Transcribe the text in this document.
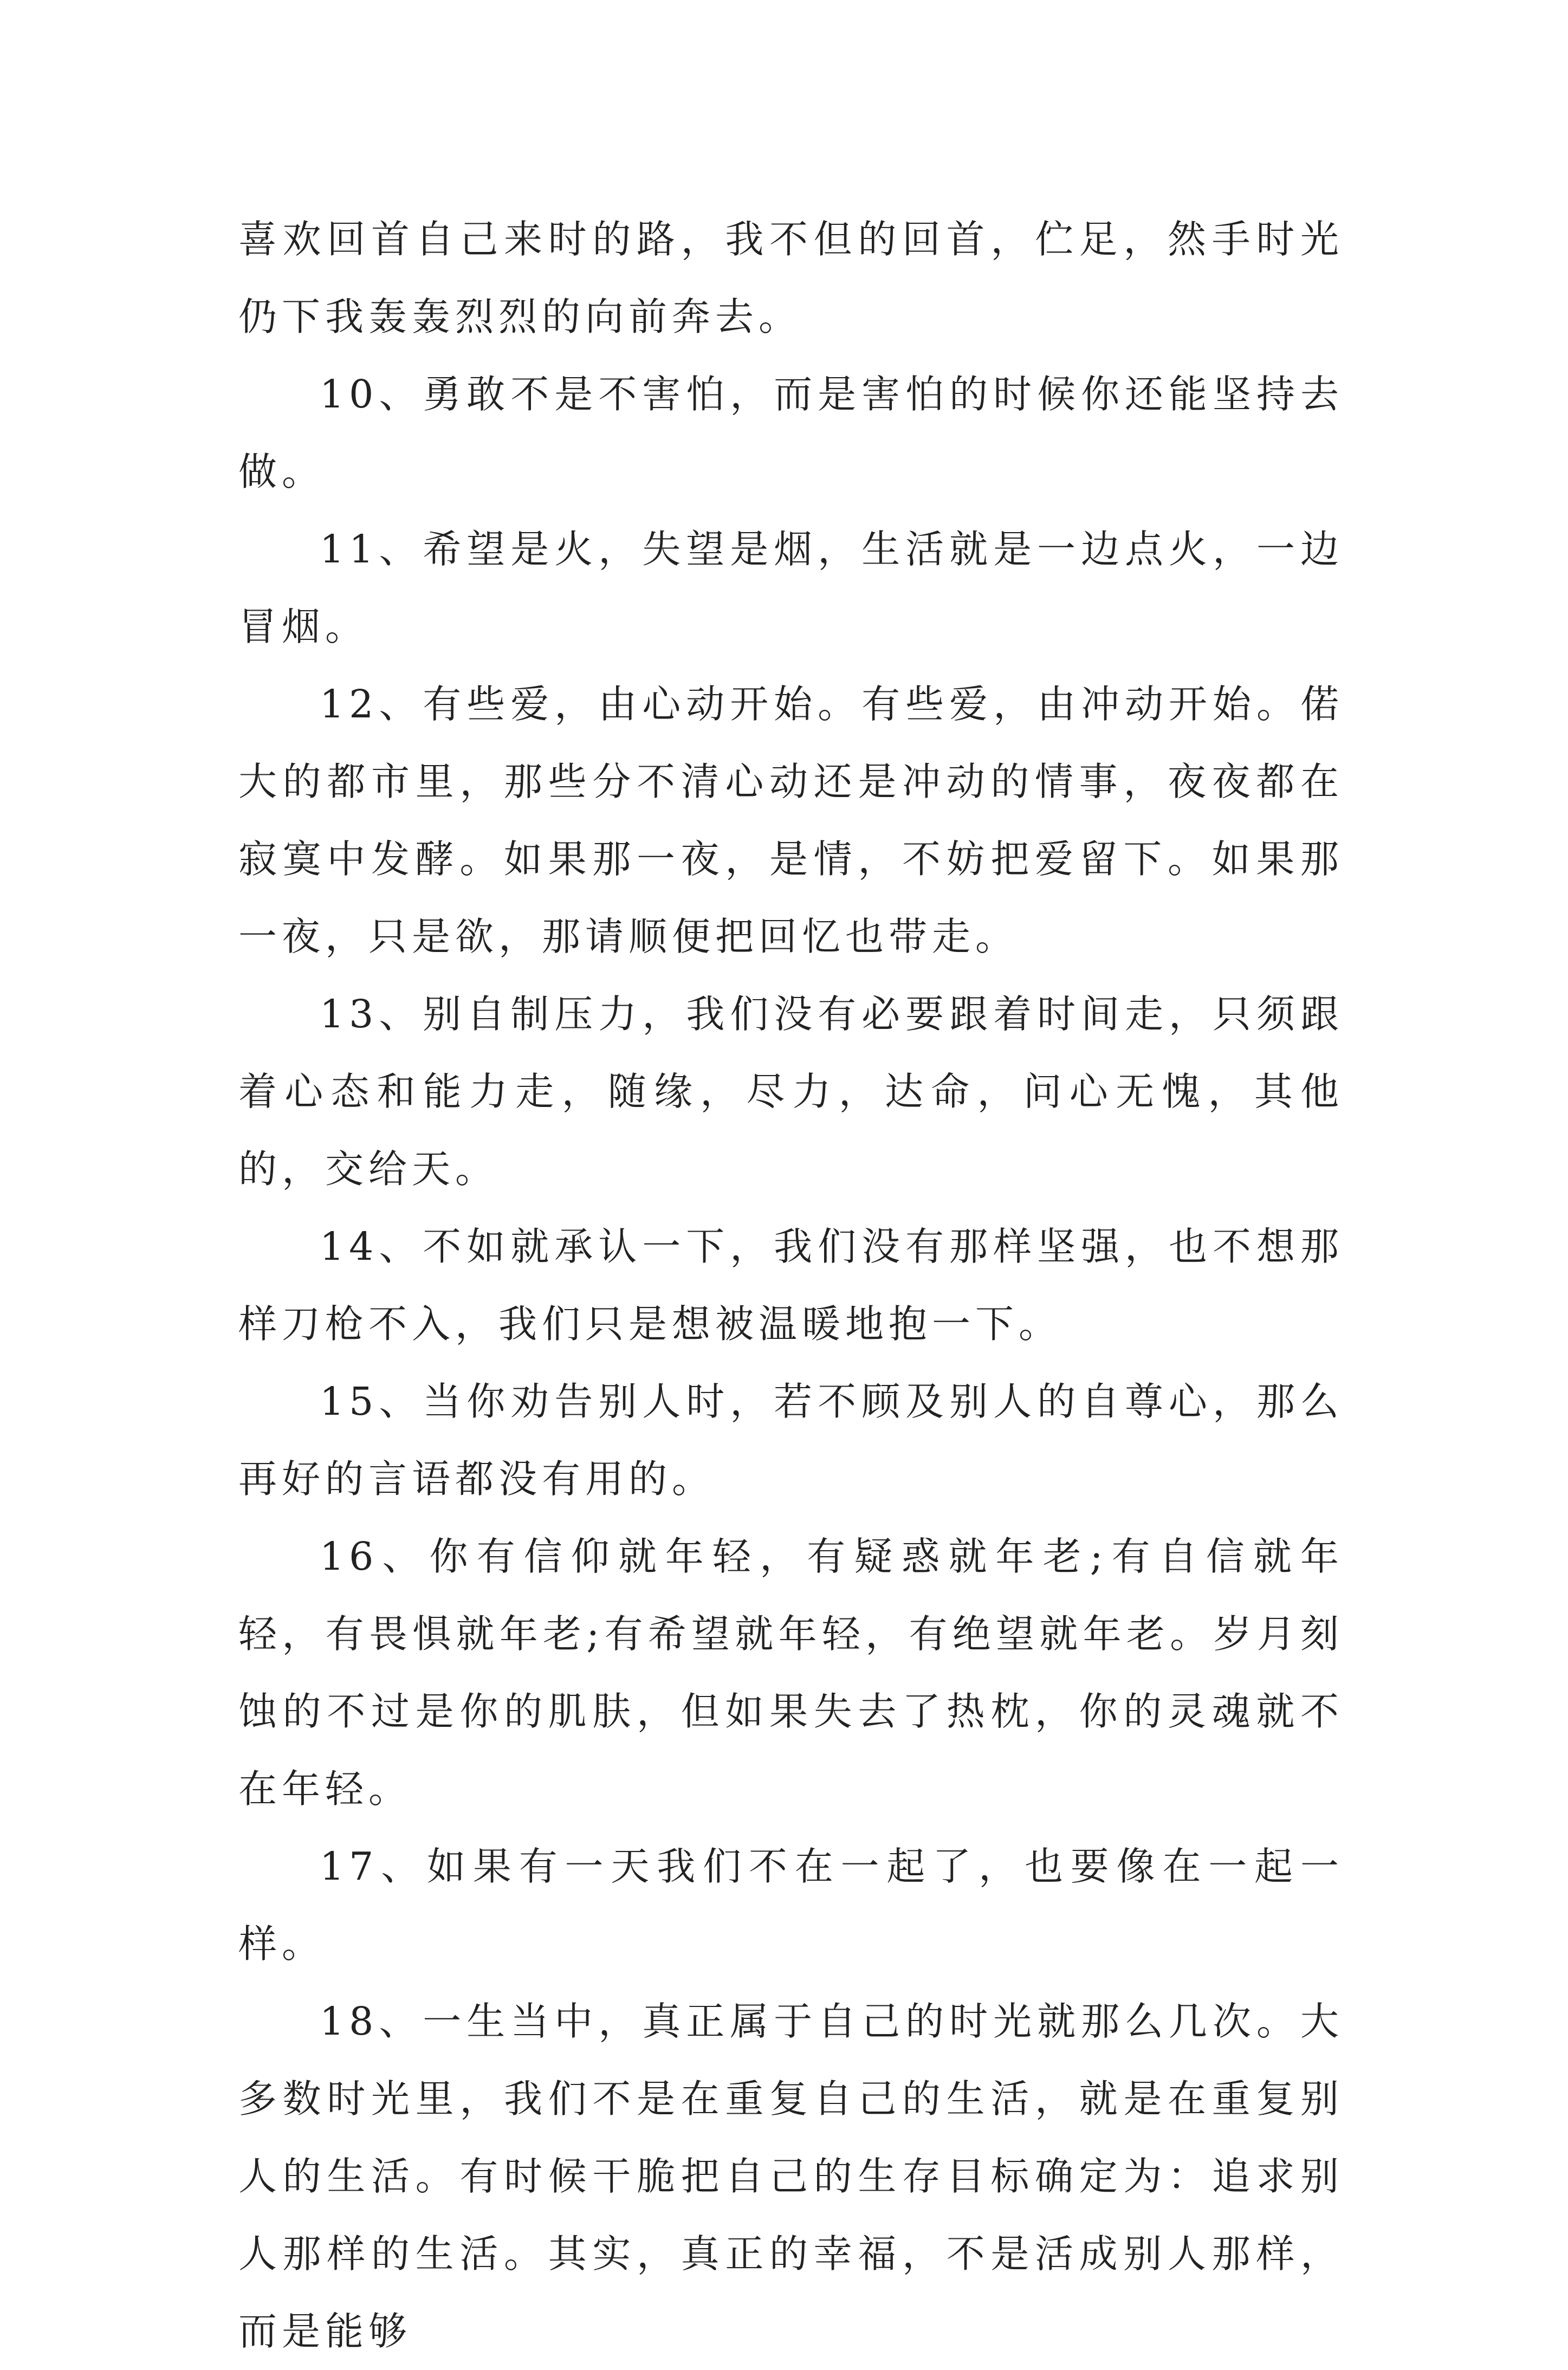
喜欢回首自己来时的路，我不但的回首，伫足，然手时光仍下我轰轰烈烈的向前奔去。

10、勇敢不是不害怕，而是害怕的时候你还能坚持去做。

11、希望是火，失望是烟，生活就是一边点火，一边冒烟。

12、有些爱，由心动开始。有些爱，由冲动开始。偌大的都市里，那些分不清心动还是冲动的情事，夜夜都在寂寞中发酵。如果那一夜，是情，不妨把爱留下。如果那一夜，只是欲，那请顺便把回忆也带走。

13、别自制压力，我们没有必要跟着时间走，只须跟着心态和能力走，随缘，尽力，达命，问心无愧，其他的，交给天。

14、不如就承认一下，我们没有那样坚强，也不想那样刀枪不入，我们只是想被温暖地抱一下。

15、当你劝告别人时，若不顾及别人的自尊心，那么再好的言语都没有用的。

16、你有信仰就年轻，有疑惑就年老;有自信就年轻，有畏惧就年老;有希望就年轻，有绝望就年老。岁月刻蚀的不过是你的肌肤，但如果失去了热枕，你的灵魂就不在年轻。

17、如果有一天我们不在一起了，也要像在一起一样。

18、一生当中，真正属于自己的时光就那么几次。大多数时光里，我们不是在重复自己的生活，就是在重复别人的生活。有时候干脆把自己的生存目标确定为：追求别人那样的生活。其实，真正的幸福，不是活成别人那样，而是能够
